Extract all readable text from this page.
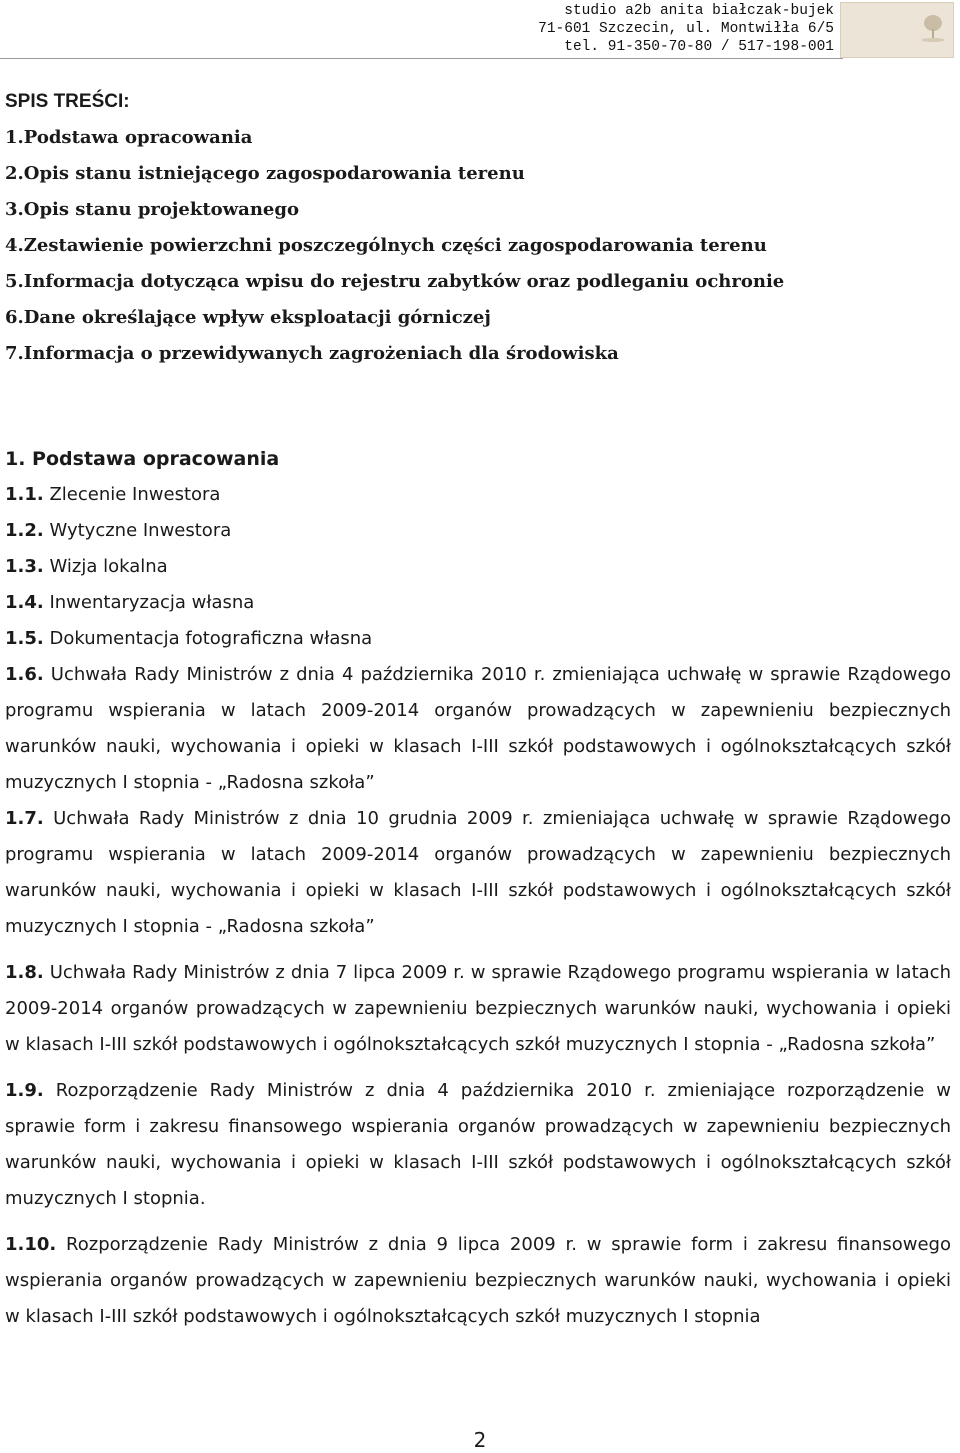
studio a2b anita białczak-bujek
71-601 Szczecin, ul. Montwiłła 6/5
tel. 91-350-70-80 / 517-198-001

SPIS TREŚCI:

1.Podstawa opracowania

2.Opis stanu istniejącego zagospodarowania terenu

3.Opis stanu projektowanego

4.Zestawienie powierzchni poszczególnych części zagospodarowania terenu

5.Informacja dotycząca wpisu do rejestru zabytków oraz podleganiu ochronie

6.Dane określające wpływ eksploatacji górniczej

7.Informacja o przewidywanych zagrożeniach dla środowiska

1. Podstawa opracowania

1.1. Zlecenie Inwestora

1.2. Wytyczne Inwestora

1.3. Wizja lokalna

1.4. Inwentaryzacja własna

1.5. Dokumentacja fotograficzna własna

1.6. Uchwała Rady Ministrów z dnia 4 października 2010 r. zmieniająca uchwałę w sprawie Rządowego programu wspierania w latach 2009-2014 organów prowadzących w zapewnieniu bezpiecznych warunków nauki, wychowania i opieki w klasach I-III szkół podstawowych i ogólnokształcących szkół muzycznych I stopnia - „Radosna szkoła”

1.7. Uchwała Rady Ministrów z dnia 10 grudnia 2009 r. zmieniająca uchwałę w sprawie Rządowego programu wspierania w latach 2009-2014 organów prowadzących w zapewnieniu bezpiecznych warunków nauki, wychowania i opieki w klasach I-III szkół podstawowych i ogólnokształcących szkół muzycznych I stopnia - „Radosna szkoła”

1.8. Uchwała Rady Ministrów z dnia 7 lipca 2009 r. w sprawie Rządowego programu wspierania w latach 2009-2014 organów prowadzących w zapewnieniu bezpiecznych warunków nauki, wychowania i opieki w klasach I-III szkół podstawowych i ogólnokształcących szkół muzycznych I stopnia - „Radosna szkoła”

1.9. Rozporządzenie Rady Ministrów z dnia 4 października 2010 r. zmieniające rozporządzenie w sprawie form i zakresu finansowego wspierania organów prowadzących w zapewnieniu bezpiecznych warunków nauki, wychowania i opieki w klasach I-III szkół podstawowych i ogólnokształcących szkół muzycznych I stopnia.

1.10. Rozporządzenie Rady Ministrów z dnia 9 lipca 2009 r. w sprawie form i zakresu finansowego wspierania organów prowadzących w zapewnieniu bezpiecznych warunków nauki, wychowania i opieki w klasach I-III szkół podstawowych i ogólnokształcących szkół muzycznych I stopnia

2
